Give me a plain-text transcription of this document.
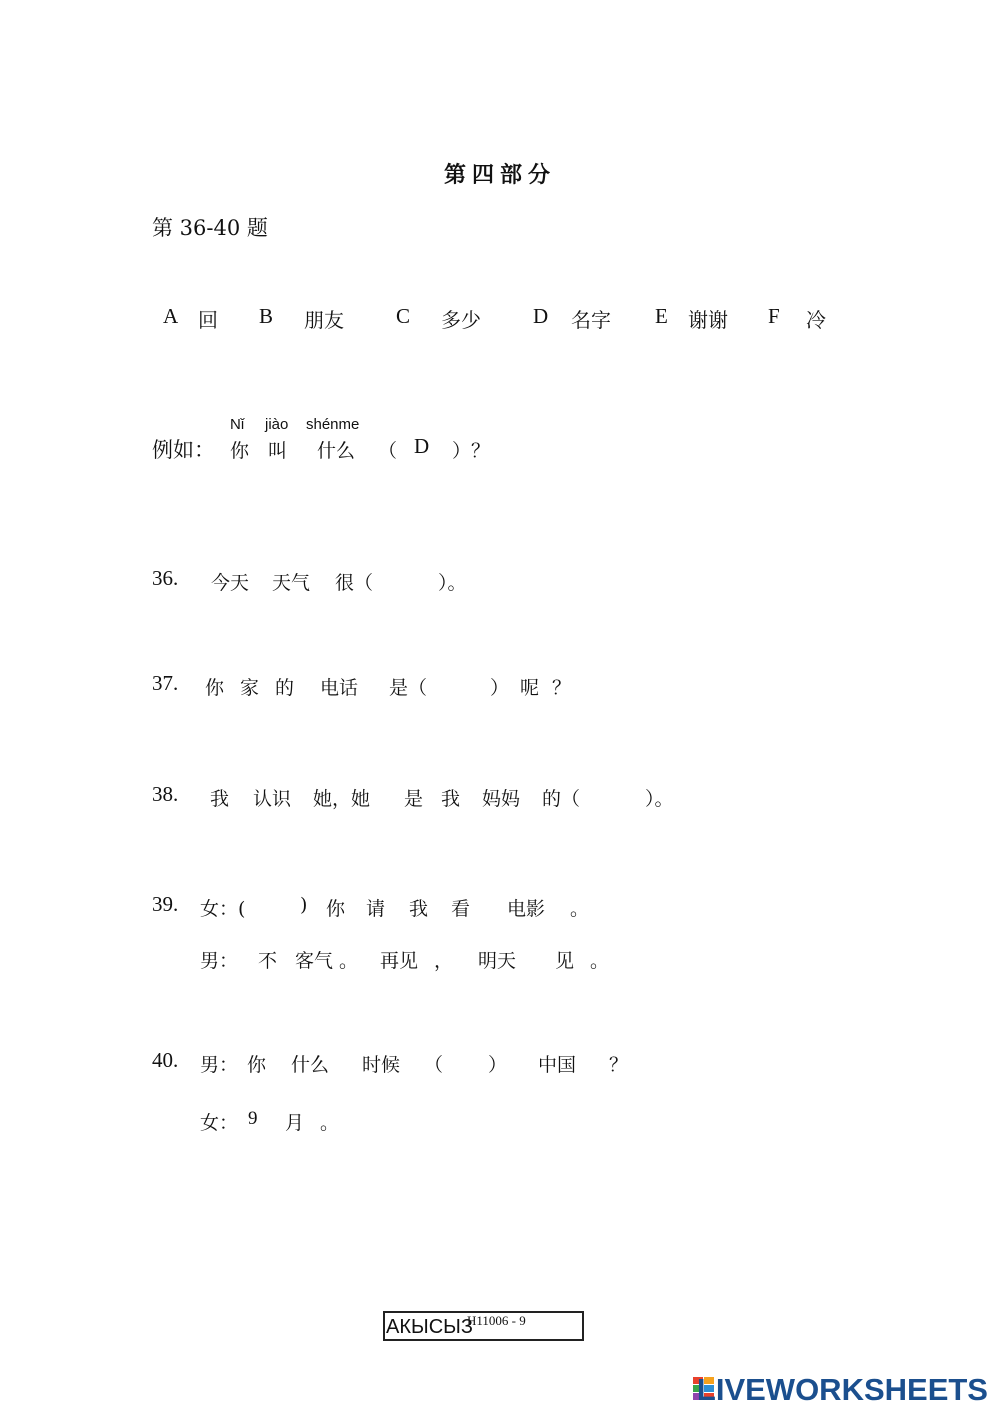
第四部分
第 36-40 题
A 回 B 朋友 C 多少 D 名字 E 谢谢 F 冷
Nǐ jiào shénme
例如： 你 叫 什么 （ D ）？
36. 今天 天气 很（	）。
37. 你 家 的 电话 是（	） 呢 ？
38. 我 认识 她，她 是 我 妈妈 的（	）。
39. 女：(	) 你 请 我 看 电影 。
男： 不 客气 。 再见 ， 明天 见 。
40. 男： 你 什么 时候 （ ） 中国 ？
女： 9 月 。
АКЫСЫЗ
H11006 - 9
LIVEWORKSHEETS
